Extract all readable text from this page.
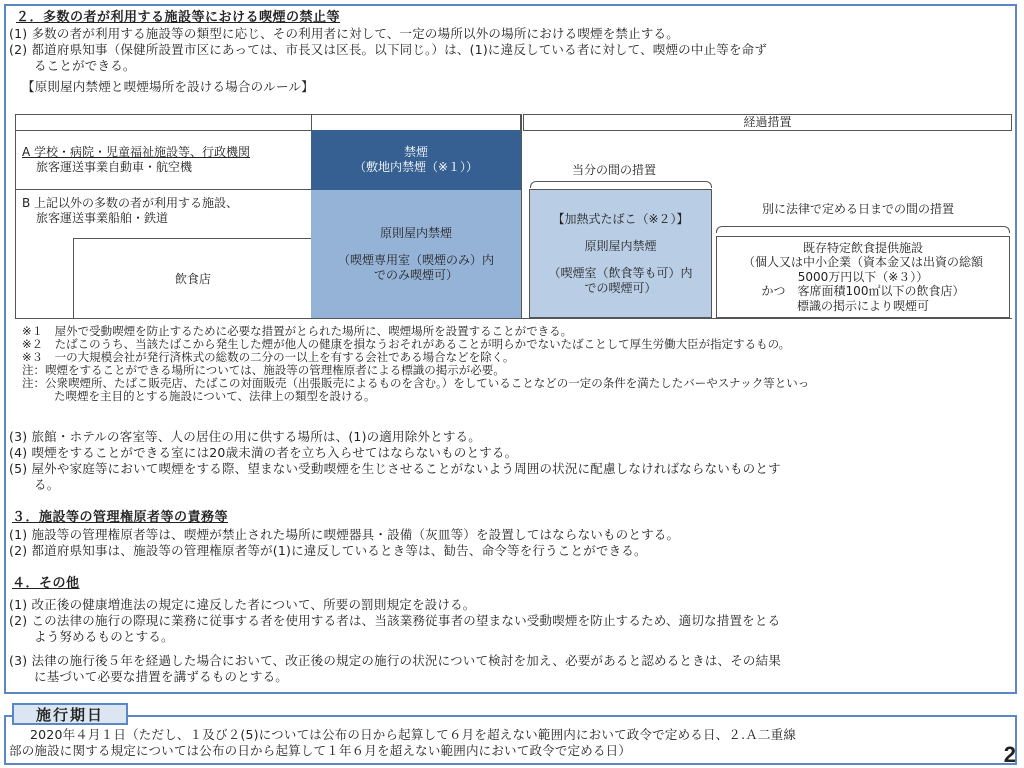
２．多数の者が利用する施設等における喫煙の禁止等
(1) 多数の者が利用する施設等の類型に応じ、その利用者に対して、一定の場所以外の場所における喫煙を禁止する。
(2) 都道府県知事（保健所設置市区にあっては、市長又は区長。以下同じ。）は、(1)に違反している者に対して、喫煙の中止等を命ず
ることができる。
【原則屋内禁煙と喫煙場所を設ける場合のルール】
経過措置
A 学校・病院・児童福祉施設等、行政機関
旅客運送事業自動車・航空機
禁煙
（敷地内禁煙（※１））	当分の間の措置
B 上記以外の多数の者が利用する施設、
旅客運送事業船舶・鉄道
飲食店
原則屋内禁煙
（喫煙専用室（喫煙のみ）内
でのみ喫煙可）
【加熱式たばこ（※２）】
原則屋内禁煙
（喫煙室（飲食等も可）内
での喫煙可）
別に法律で定める日までの間の措置
既存特定飲食提供施設
（個人又は中小企業（資本金又は出資の総額
5000万円以下（※３））
かつ　客席面積100㎡以下の飲食店）
標識の掲示により喫煙可
※１　屋外で受動喫煙を防止するために必要な措置がとられた場所に、喫煙場所を設置することができる。
※２　たばこのうち、当該たばこから発生した煙が他人の健康を損なうおそれがあることが明らかでないたばことして厚生労働大臣が指定するもの。
※３　一の大規模会社が発行済株式の総数の二分の一以上を有する会社である場合などを除く。
注：喫煙をすることができる場所については、施設等の管理権原者による標識の掲示が必要。
注：公衆喫煙所、たばこ販売店、たばこの対面販売（出張販売によるものを含む。）をしていることなどの一定の条件を満たしたバーやスナック等といっ
た喫煙を主目的とする施設について、法律上の類型を設ける。
(3) 旅館・ホテルの客室等、人の居住の用に供する場所は、(1)の適用除外とする。
(4) 喫煙をすることができる室には20歳未満の者を立ち入らせてはならないものとする。
(5) 屋外や家庭等において喫煙をする際、望まない受動喫煙を生じさせることがないよう周囲の状況に配慮しなければならないものとす
る。
３．施設等の管理権原者等の責務等
(1) 施設等の管理権原者等は、喫煙が禁止された場所に喫煙器具・設備（灰皿等）を設置してはならないものとする。
(2) 都道府県知事は、施設等の管理権原者等が(1)に違反しているとき等は、勧告、命令等を行うことができる。
４．その他
(1) 改正後の健康増進法の規定に違反した者について、所要の罰則規定を設ける。
(2) この法律の施行の際現に業務に従事する者を使用する者は、当該業務従事者の望まない受動喫煙を防止するため、適切な措置をとる
よう努めるものとする。
(3) 法律の施行後５年を経過した場合において、改正後の規定の施行の状況について検討を加え、必要があると認めるときは、その結果
に基づいて必要な措置を講ずるものとする。
施行期日
2020年４月１日（ただし、１及び２(5)については公布の日から起算して６月を超えない範囲内において政令で定める日、２.Ａ二重線
部の施設に関する規定については公布の日から起算して１年６月を超えない範囲内において政令で定める日）	2
